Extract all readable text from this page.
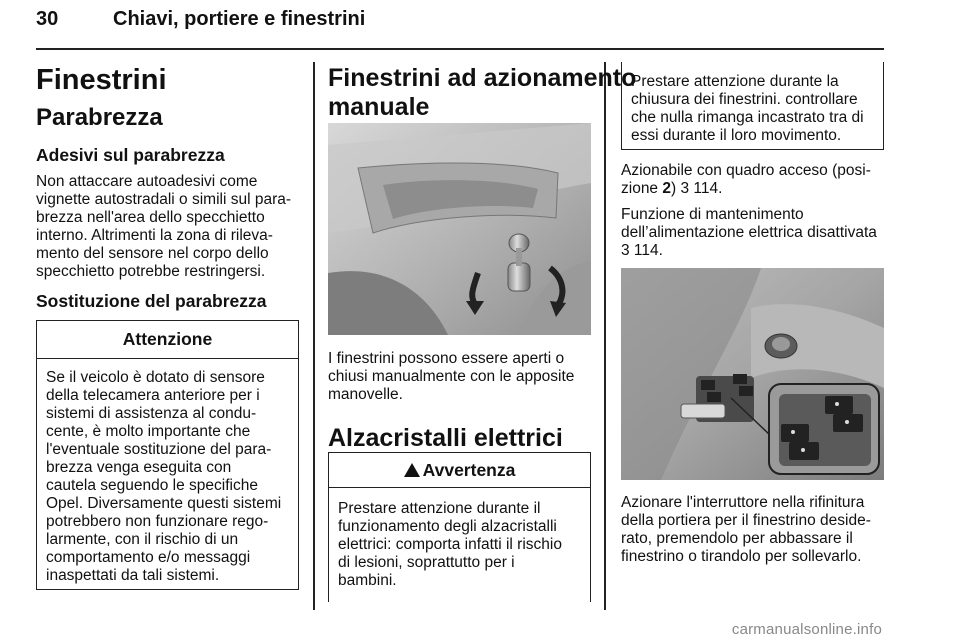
30	Chiavi, portiere e finestrini
Finestrini
Parabrezza
Adesivi sul parabrezza
Non attaccare autoadesivi come
vignette autostradali o simili sul para-
brezza nell'area dello specchietto
interno. Altrimenti la zona di rileva-
mento del sensore nel corpo dello
specchietto potrebbe restringersi.
Sostituzione del parabrezza
Attenzione
Se il veicolo è dotato di sensore
della telecamera anteriore per i
sistemi di assistenza al condu-
cente, è molto importante che
l'eventuale sostituzione del para-
brezza venga eseguita con
cautela seguendo le specifiche
Opel. Diversamente questi sistemi
potrebbero non funzionare rego-
larmente, con il rischio di un
comportamento e/o messaggi
inaspettati da tali sistemi.
Finestrini ad azionamento
manuale
I finestrini possono essere aperti o
chiusi manualmente con le apposite
manovelle.
Alzacristalli elettrici
Avvertenza
Prestare attenzione durante il
funzionamento degli alzacristalli
elettrici: comporta infatti il rischio
di lesioni, soprattutto per i
bambini.
Prestare attenzione durante la
chiusura dei finestrini. controllare
che nulla rimanga incastrato tra di
essi durante il loro movimento.
Azionabile con quadro acceso (posi-
zione 2) 3 114.
Funzione di mantenimento
dell’alimentazione elettrica disattivata
3 114.
Azionare l'interruttore nella rifinitura
della portiera per il finestrino deside-
rato, premendolo per abbassare il
finestrino o tirandolo per sollevarlo.
carmanualsonline.info
